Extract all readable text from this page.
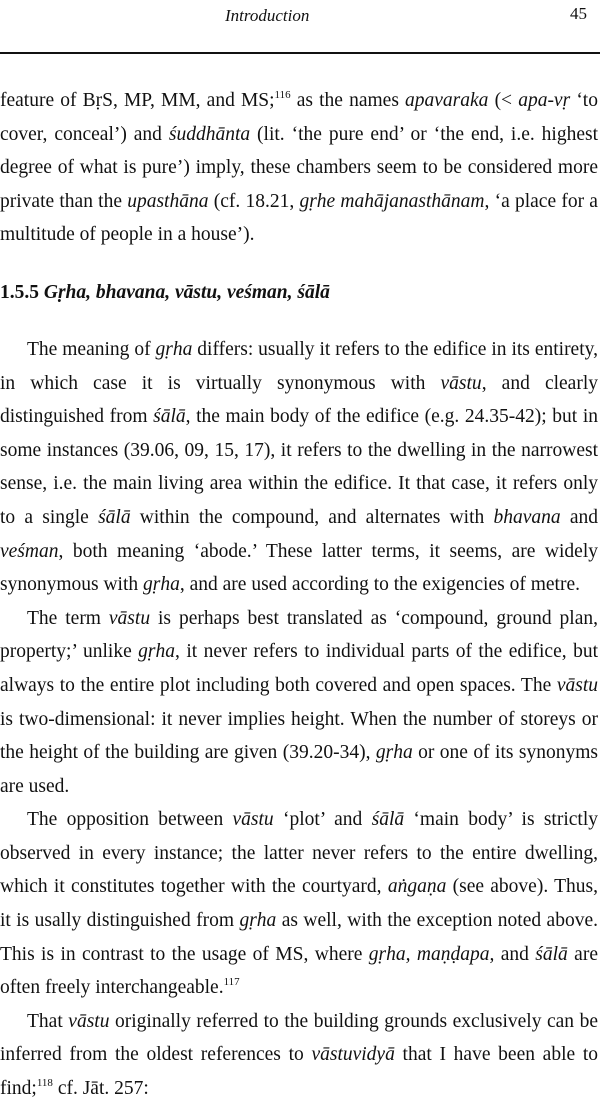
Introduction	45

feature of BṛS, MP, MM, and MS;$^{116}$ as the names apavaraka (< apa-vṛ ‘to cover, conceal’) and śuddhānta (lit. ‘the pure end’ or ‘the end, i.e. highest degree of what is pure’) imply, these chambers seem to be considered more private than the upasthāna (cf. 18.21, gṛhe mahājanasthānam, ‘a place for a multitude of people in a house’).

1.5.5 Gṛha, bhavana, vāstu, veśman, śālā

The meaning of gṛha differs: usually it refers to the edifice in its entirety, in which case it is virtually synonymous with vāstu, and clearly distinguished from śālā, the main body of the edifice (e.g. 24.35-42); but in some instances (39.06, 09, 15, 17), it refers to the dwelling in the narrowest sense, i.e. the main living area within the edifice. It that case, it refers only to a single śālā within the compound, and alternates with bhavana and veśman, both meaning ‘abode.’ These latter terms, it seems, are widely synonymous with gṛha, and are used according to the exigencies of metre.

The term vāstu is perhaps best translated as ‘compound, ground plan, property;’ unlike gṛha, it never refers to individual parts of the edifice, but always to the entire plot including both covered and open spaces. The vāstu is two-dimensional: it never implies height. When the number of storeys or the height of the building are given (39.20-34), gṛha or one of its synonyms are used.

The opposition between vāstu ‘plot’ and śālā ‘main body’ is strictly observed in every instance; the latter never refers to the entire dwelling, which it constitutes together with the courtyard, aṅgaṇa (see above). Thus, it is usally distinguished from gṛha as well, with the exception noted above. This is in contrast to the usage of MS, where gṛha, maṇḍapa, and śālā are often freely interchangeable.$^{117}$

That vāstu originally referred to the building grounds exclusively can be inferred from the oldest references to vāstuvidyā that I have been able to find;$^{118}$ cf. Jāt. 257:
